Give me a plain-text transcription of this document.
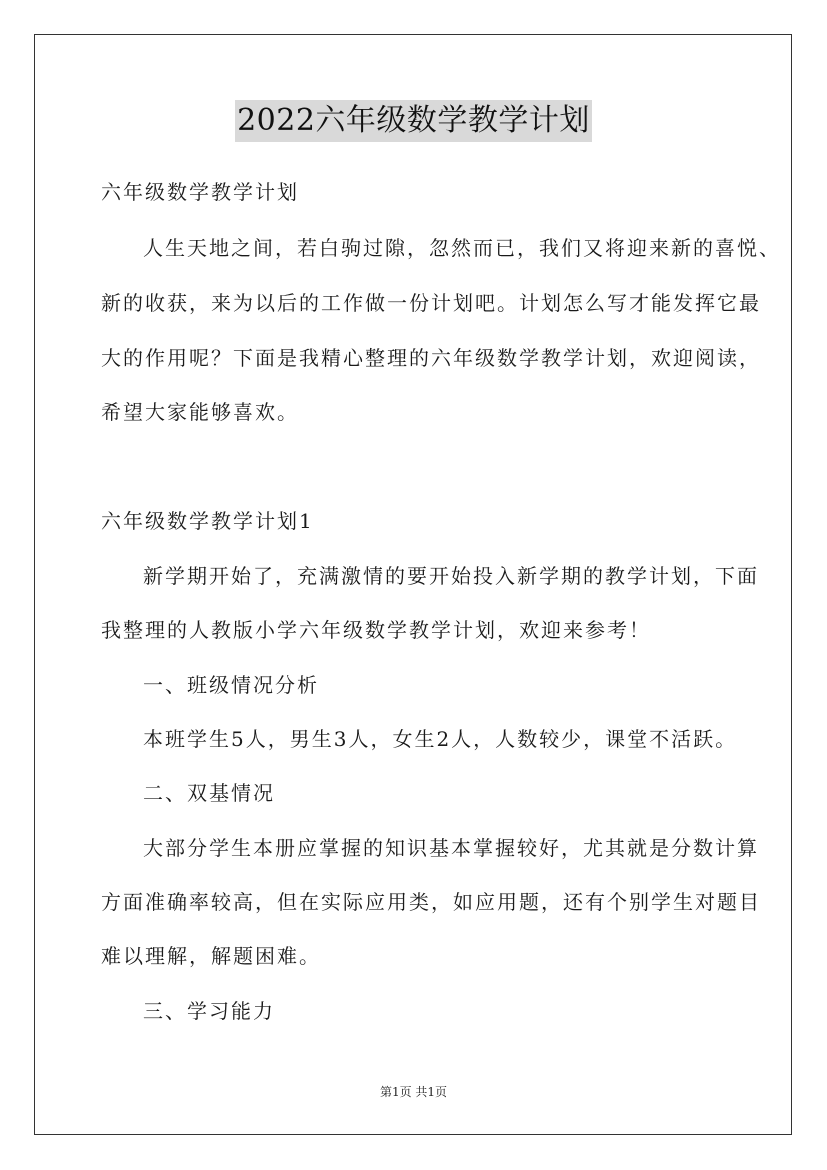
2022六年级数学教学计划
六年级数学教学计划
人生天地之间，若白驹过隙，忽然而已，我们又将迎来新的喜悦、
新的收获，来为以后的工作做一份计划吧。计划怎么写才能发挥它最
大的作用呢？下面是我精心整理的六年级数学教学计划，欢迎阅读，
希望大家能够喜欢。
六年级数学教学计划1
新学期开始了，充满激情的要开始投入新学期的教学计划，下面
我整理的人教版小学六年级数学教学计划，欢迎来参考！
一、班级情况分析
本班学生5人，男生3人，女生2人，人数较少，课堂不活跃。
二、双基情况
大部分学生本册应掌握的知识基本掌握较好，尤其就是分数计算
方面准确率较高，但在实际应用类，如应用题，还有个别学生对题目
难以理解，解题困难。
三、学习能力
第1页 共1页
